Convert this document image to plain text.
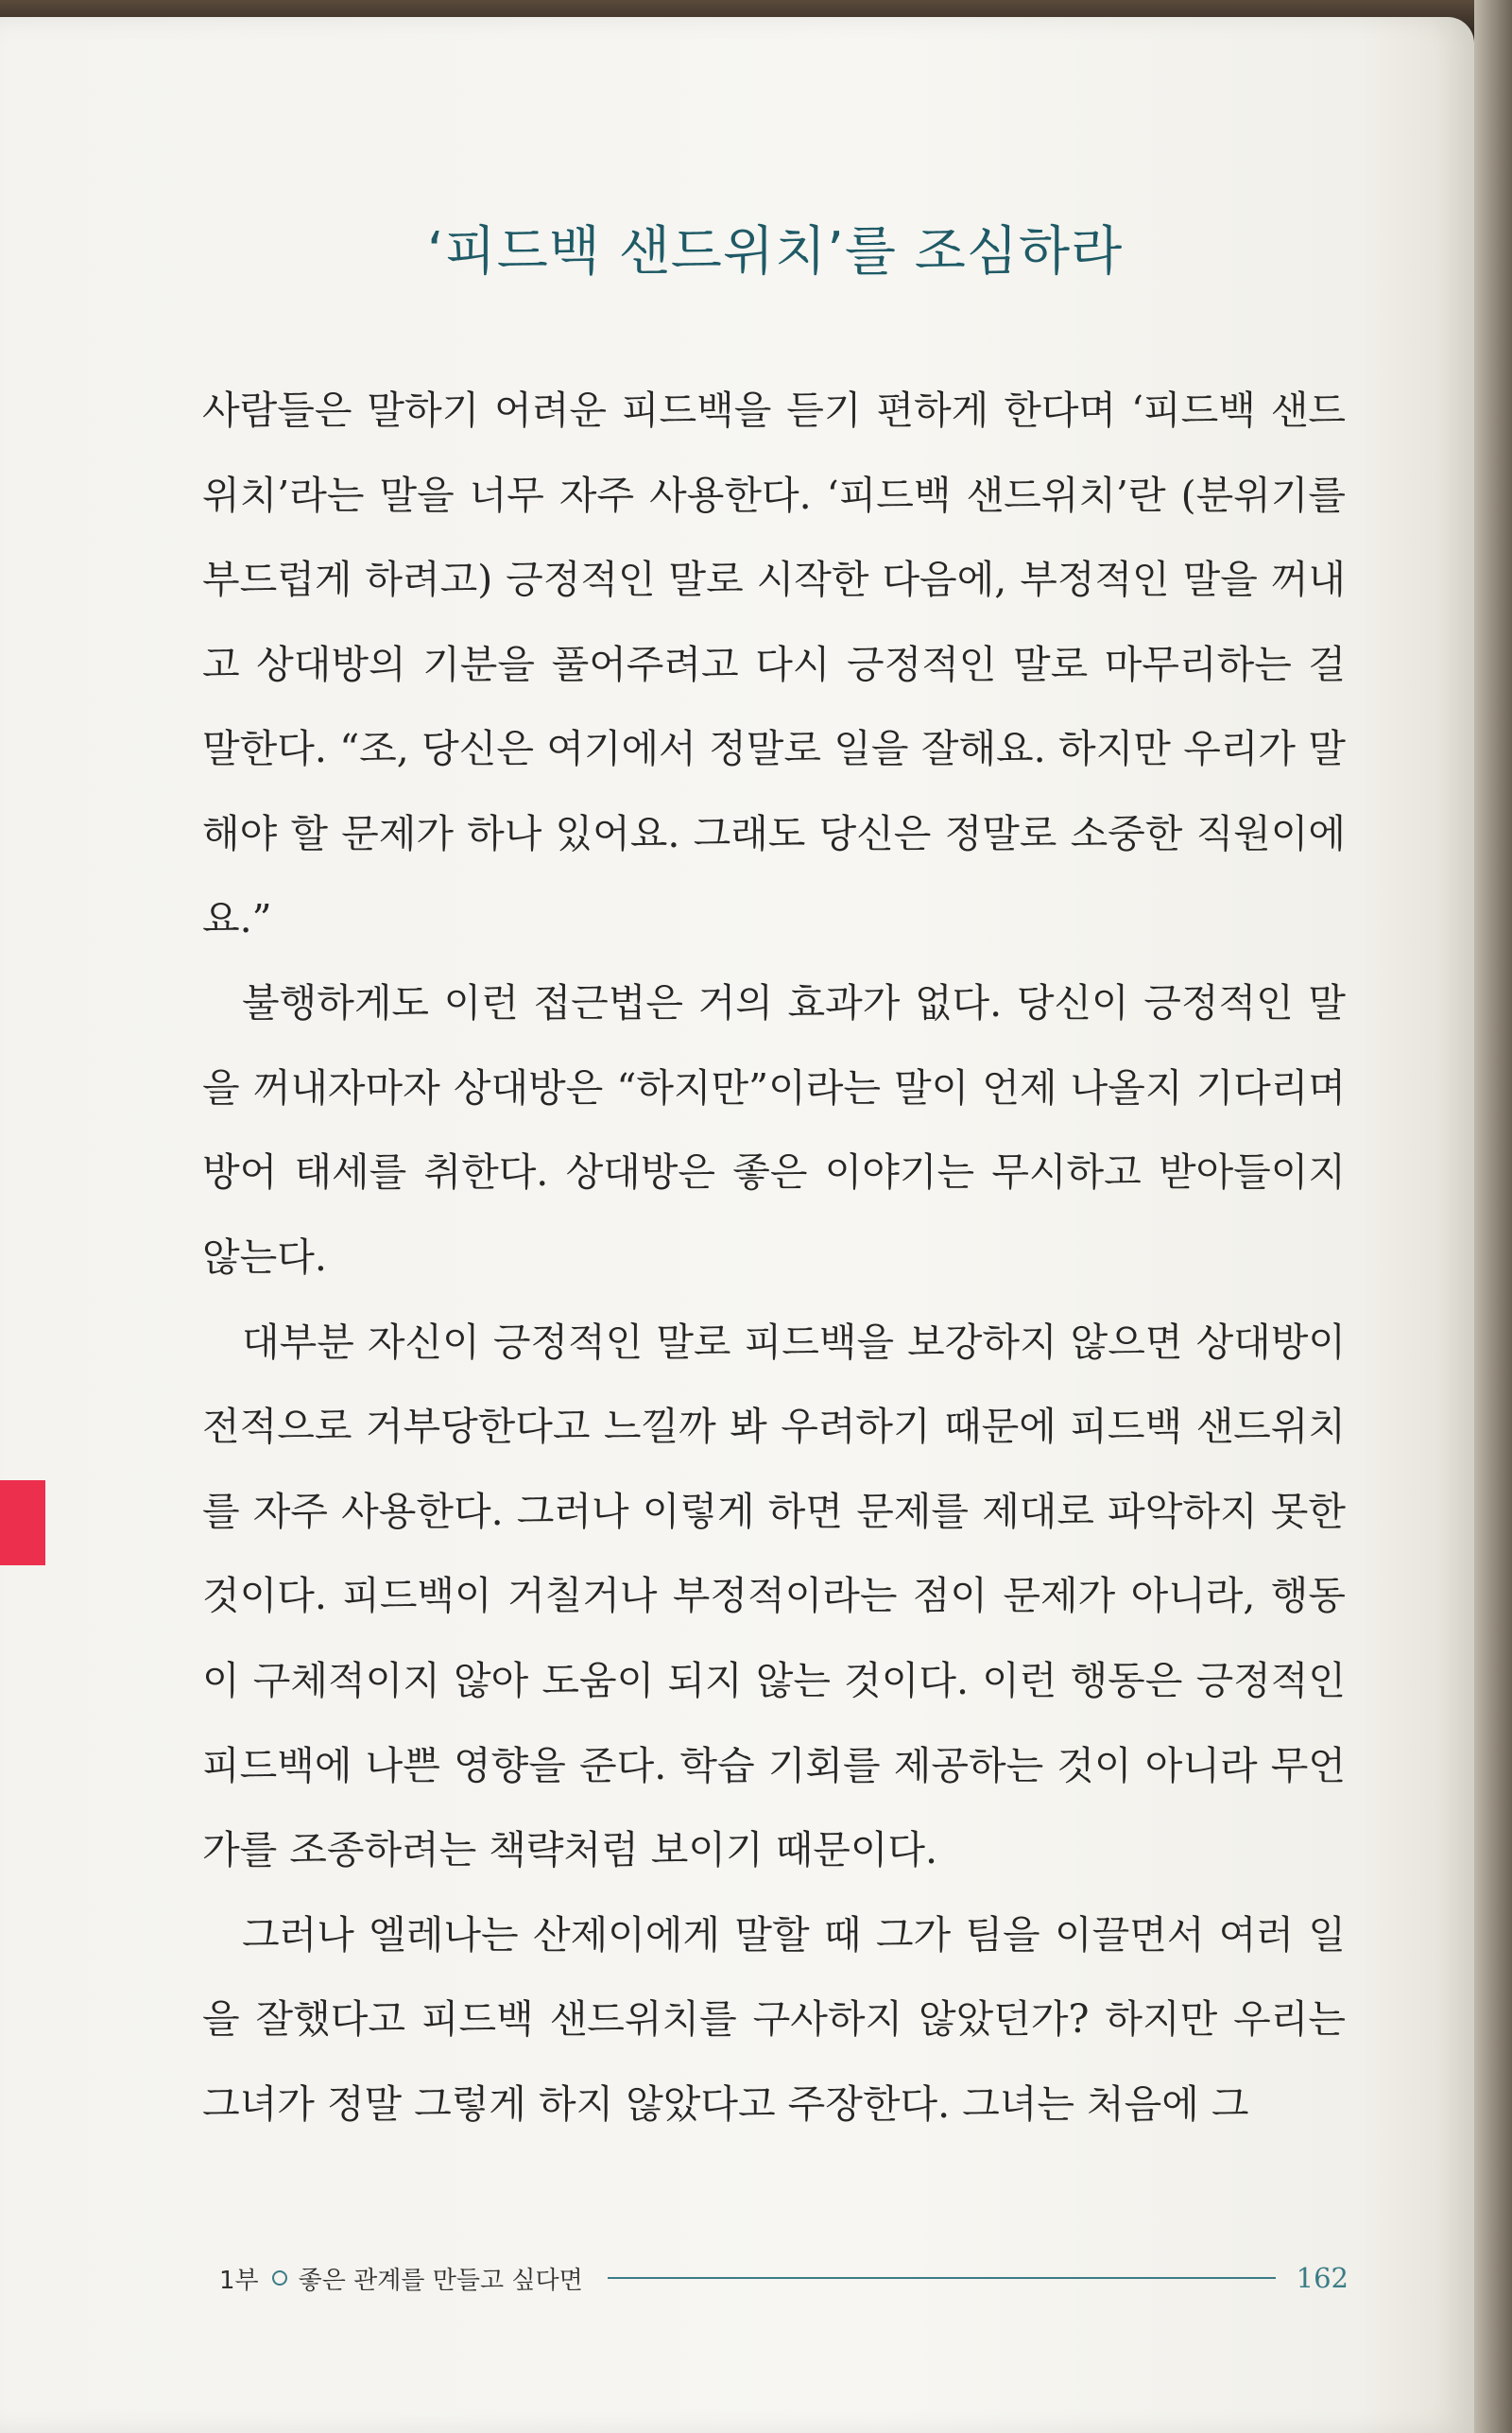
‘피드백 샌드위치’를 조심하라

사람들은 말하기 어려운 피드백을 듣기 편하게 한다며 ‘피드백 샌드위치’라는 말을 너무 자주 사용한다. ‘피드백 샌드위치’란 (분위기를 부드럽게 하려고) 긍정적인 말로 시작한 다음에, 부정적인 말을 꺼내고 상대방의 기분을 풀어주려고 다시 긍정적인 말로 마무리하는 걸 말한다. “조, 당신은 여기에서 정말로 일을 잘해요. 하지만 우리가 말해야 할 문제가 하나 있어요. 그래도 당신은 정말로 소중한 직원이에요.”

불행하게도 이런 접근법은 거의 효과가 없다. 당신이 긍정적인 말을 꺼내자마자 상대방은 “하지만”이라는 말이 언제 나올지 기다리며 방어 태세를 취한다. 상대방은 좋은 이야기는 무시하고 받아들이지 않는다.

대부분 자신이 긍정적인 말로 피드백을 보강하지 않으면 상대방이 전적으로 거부당한다고 느낄까 봐 우려하기 때문에 피드백 샌드위치를 자주 사용한다. 그러나 이렇게 하면 문제를 제대로 파악하지 못한 것이다. 피드백이 거칠거나 부정적이라는 점이 문제가 아니라, 행동이 구체적이지 않아 도움이 되지 않는 것이다. 이런 행동은 긍정적인 피드백에 나쁜 영향을 준다. 학습 기회를 제공하는 것이 아니라 무언가를 조종하려는 책략처럼 보이기 때문이다.

그러나 엘레나는 산제이에게 말할 때 그가 팀을 이끌면서 여러 일을 잘했다고 피드백 샌드위치를 구사하지 않았던가? 하지만 우리는 그녀가 정말 그렇게 하지 않았다고 주장한다. 그녀는 처음에 그

1부 좋은 관계를 만들고 싶다면	162
